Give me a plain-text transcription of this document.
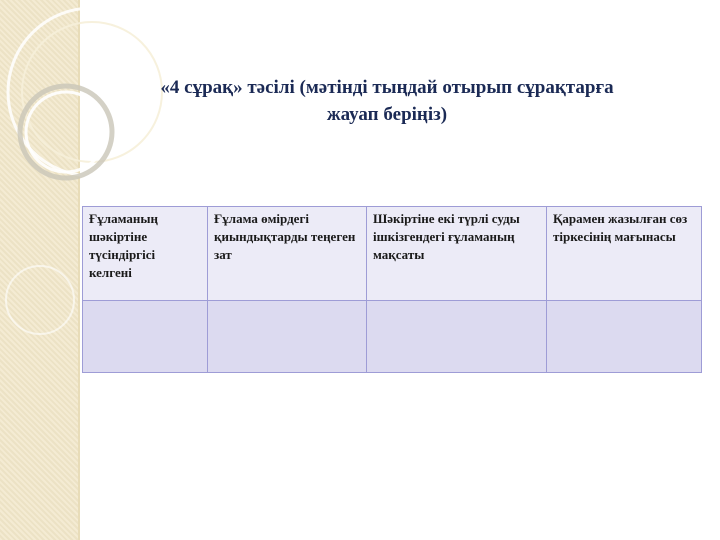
«4 сұрақ» тәсілі (мәтінді тыңдай отырып сұрақтарға
жауап беріңіз)
Ғұламаның шәкіртіне түсіндіргісі келгені	Ғұлама өмірдегі қиындықтарды теңеген зат	Шәкіртіне екі түрлі суды ішкізгендегі ғұламаның мақсаты	Қарамен жазылған сөз тіркесінің мағынасы
